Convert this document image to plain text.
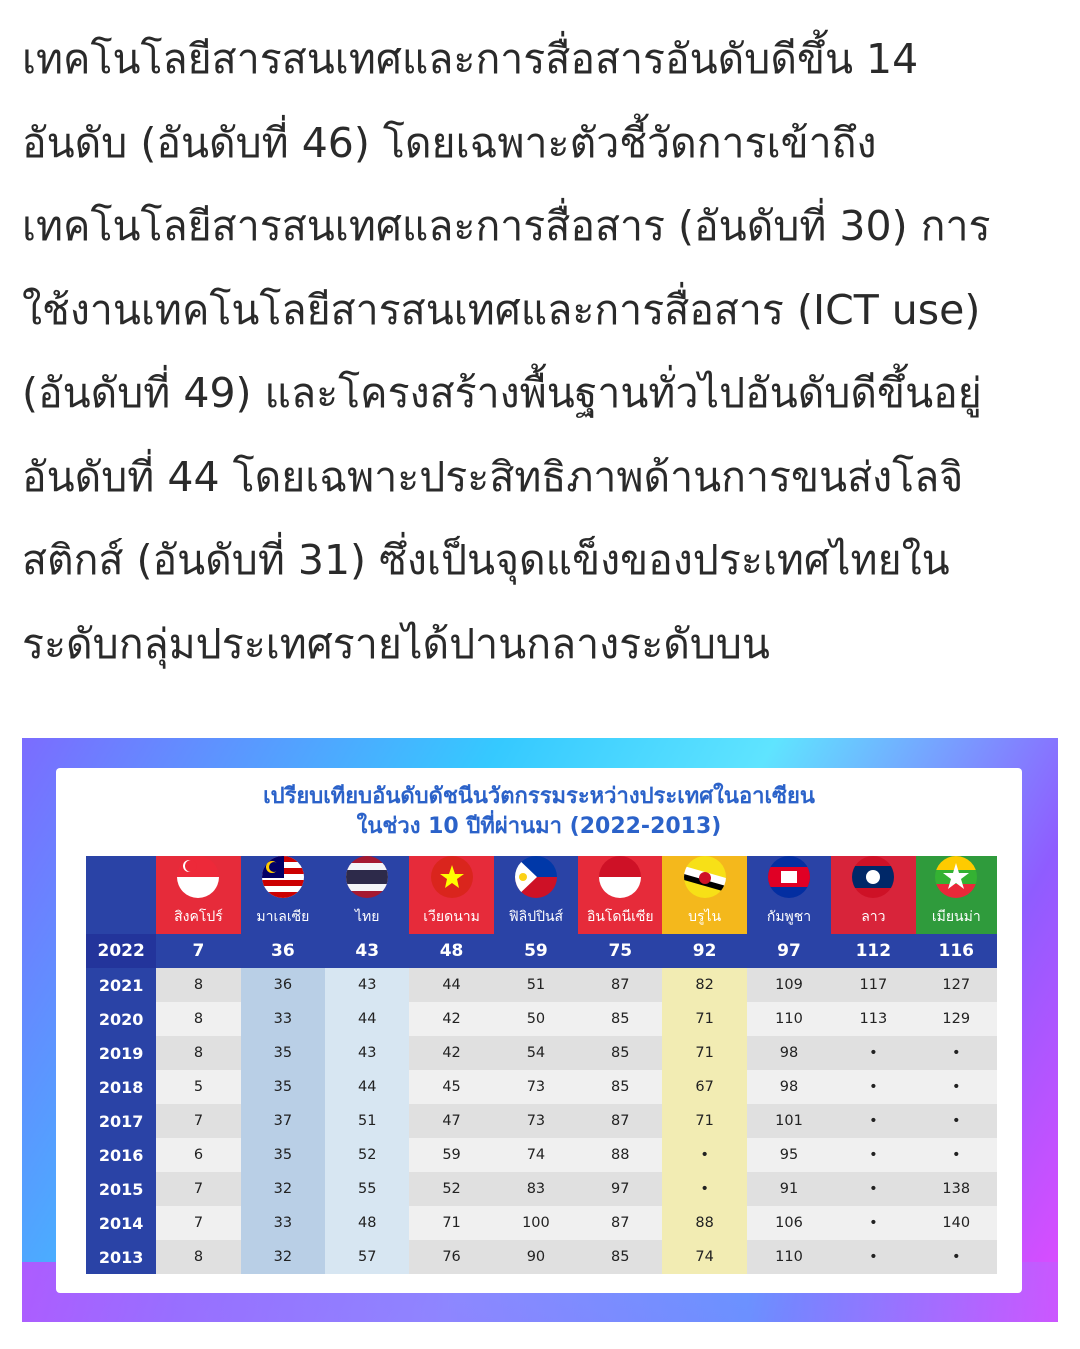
เทคโนโลยีสารสนเทศและการสื่อสารอันดับดีขึ้น 14
อันดับ (อันดับที่ 46) โดยเฉพาะตัวชี้วัดการเข้าถึง
เทคโนโลยีสารสนเทศและการสื่อสาร (อันดับที่ 30) การ
ใช้งานเทคโนโลยีสารสนเทศและการสื่อสาร (ICT use)
(อันดับที่ 49) และโครงสร้างพื้นฐานทั่วไปอันดับดีขึ้นอยู่
อันดับที่ 44 โดยเฉพาะประสิทธิภาพด้านการขนส่งโลจิ
สติกส์ (อันดับที่ 31) ซึ่งเป็นจุดแข็งของประเทศไทยใน
ระดับกลุ่มประเทศรายได้ปานกลางระดับบน
เปรียบเทียบอันดับดัชนีนวัตกรรมระหว่างประเทศในอาเซียน
ในช่วง 10 ปีที่ผ่านมา (2022-2013)

	สิงคโปร์	มาเลเซีย	ไทย	เวียดนาม	ฟิลิปปินส์	อินโดนีเซีย	บรูไน	กัมพูชา	ลาว	เมียนม่า

2022	7	36	43	48	59	75	92	97	112	116
2021	8	36	43	44	51	87	82	109	117	127
2020	8	33	44	42	50	85	71	110	113	129
2019	8	35	43	42	54	85	71	98	•	•
2018	5	35	44	45	73	85	67	98	•	•
2017	7	37	51	47	73	87	71	101	•	•
2016	6	35	52	59	74	88	•	95	•	•
2015	7	32	55	52	83	97	•	91	•	138
2014	7	33	48	71	100	87	88	106	•	140
2013	8	32	57	76	90	85	74	110	•	•
